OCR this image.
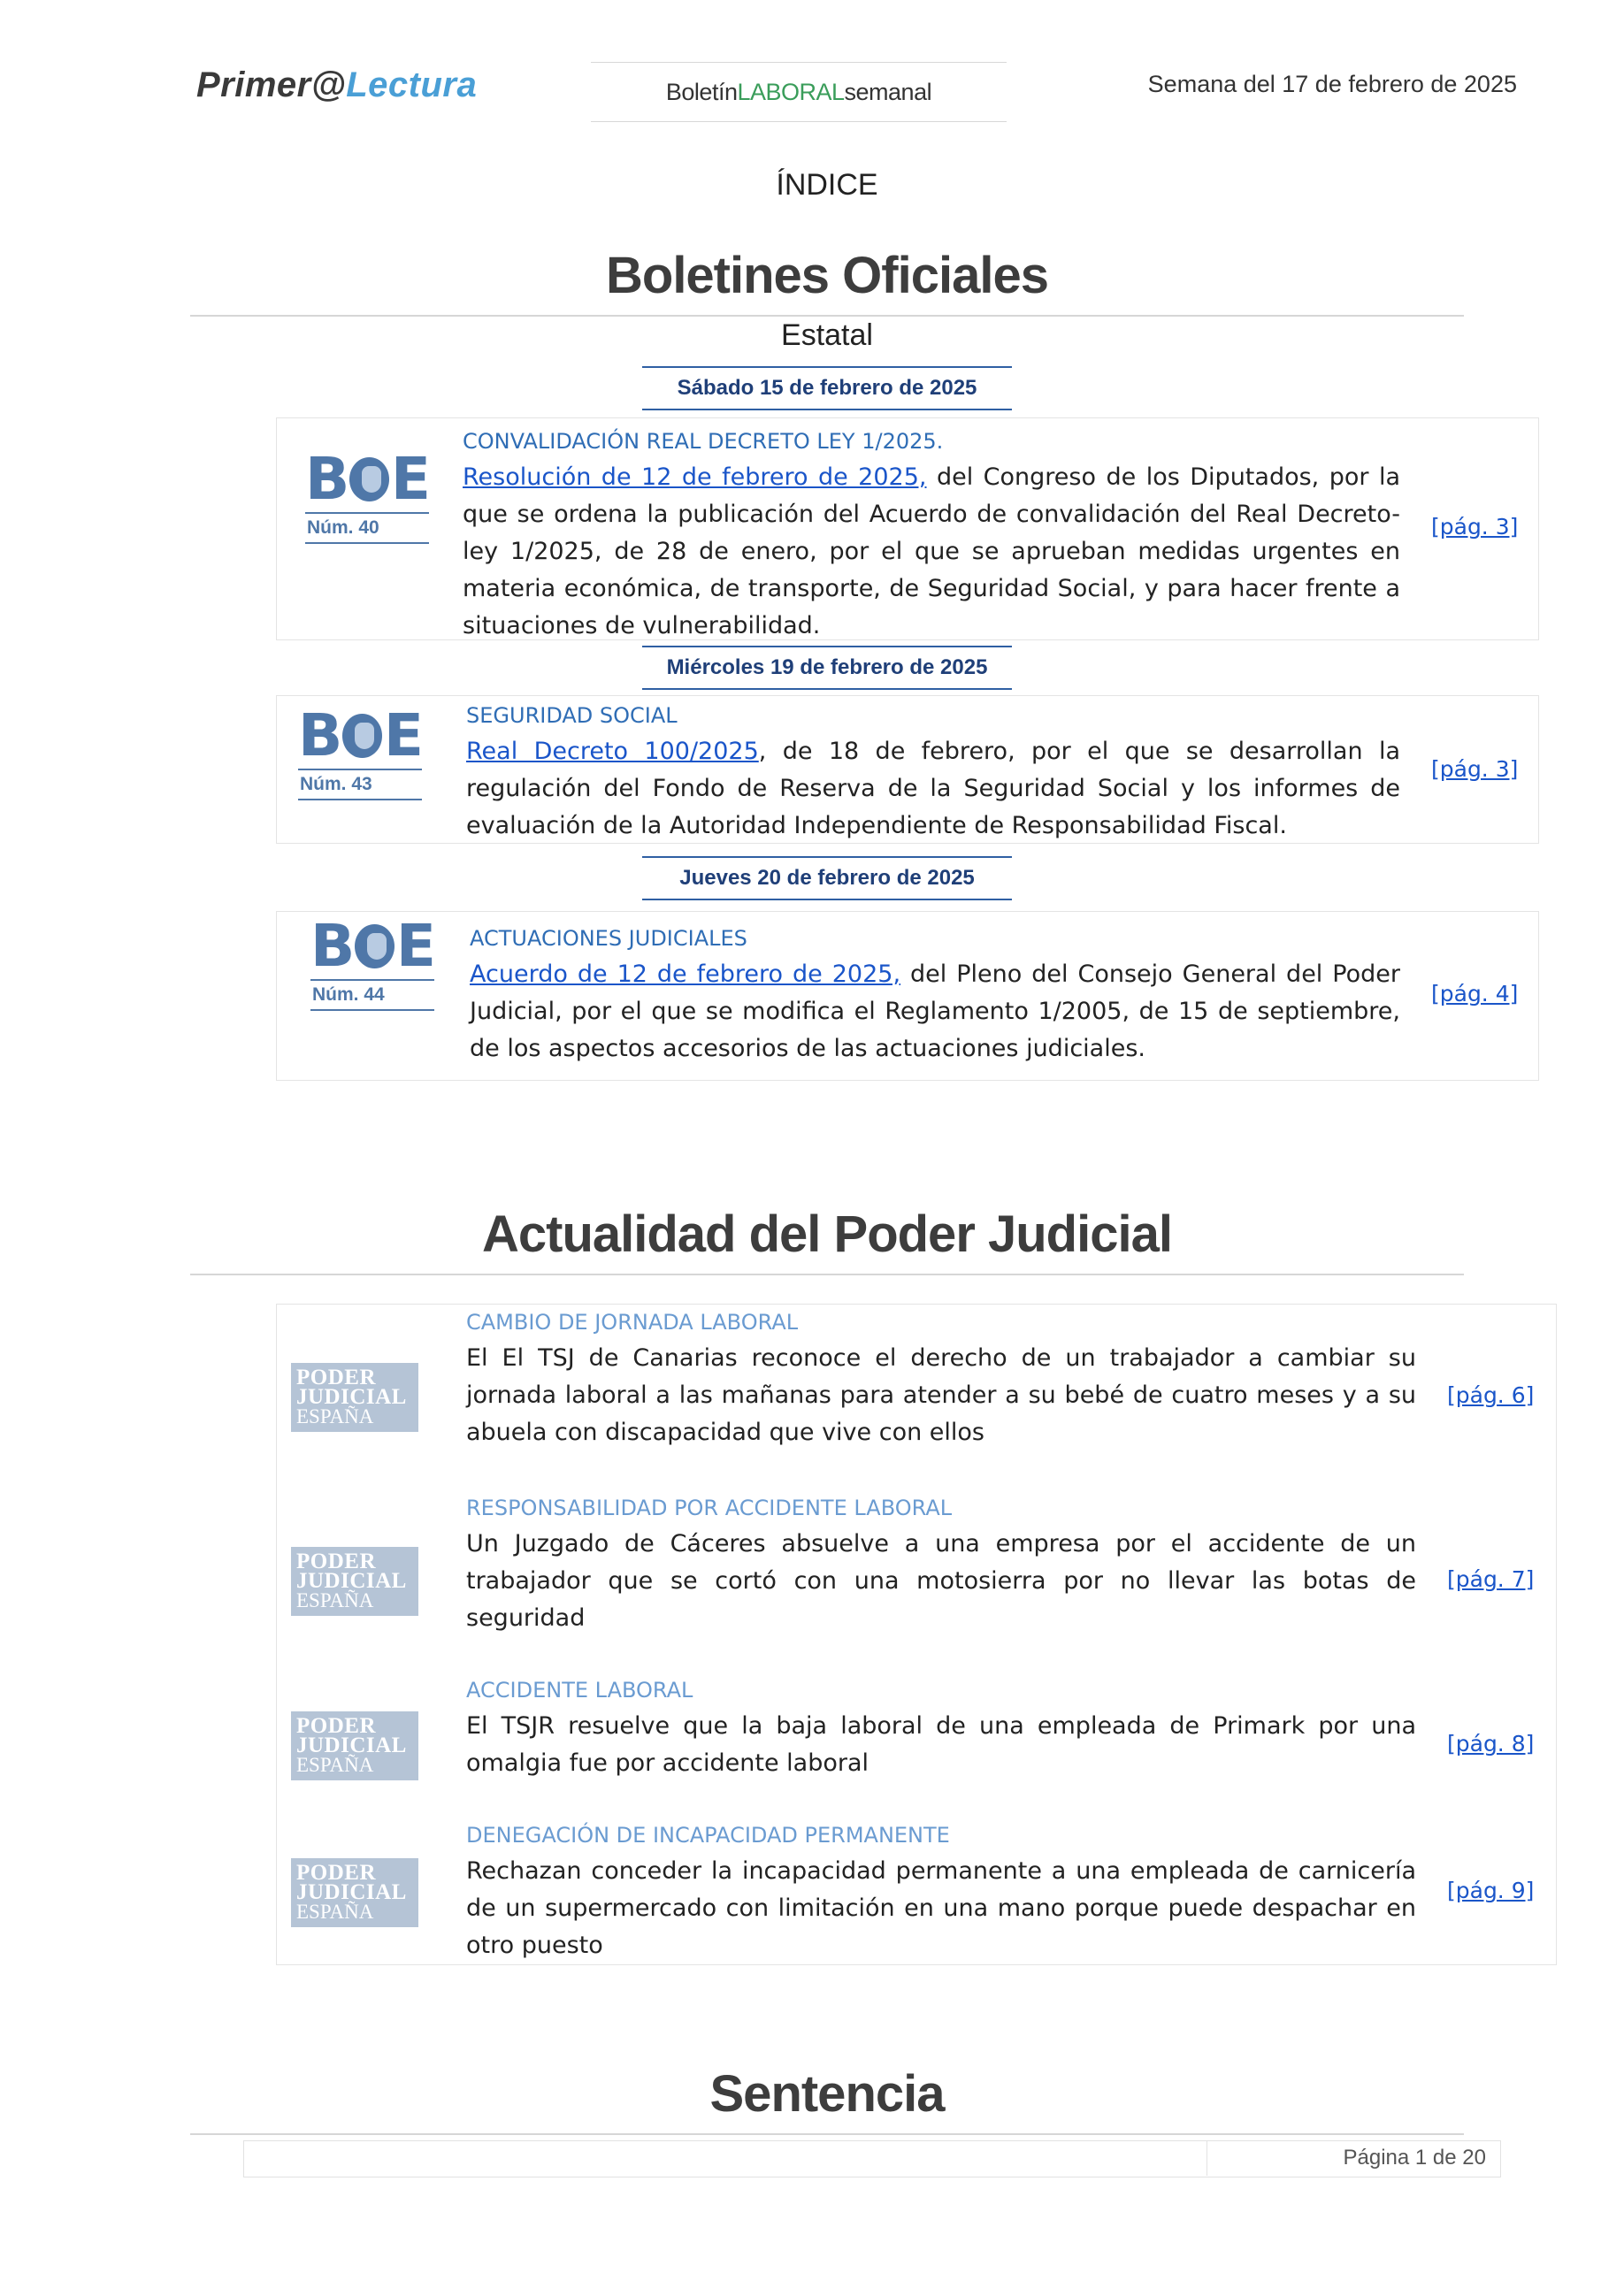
Primer@Lectura	Boletín LABORAL semanal	Semana del 17 de febrero de 2025
ÍNDICE
Boletines Oficiales
Estatal
Sábado 15 de febrero de 2025
B E
Núm. 40
CONVALIDACIÓN REAL DECRETO LEY 1/2025.
Resolución de 12 de febrero de 2025, del Congreso de los Diputados, por la que se ordena la publicación del Acuerdo de convalidación del Real Decreto-ley 1/2025, de 28 de enero, por el que se aprueban medidas urgentes en materia económica, de transporte, de Seguridad Social, y para hacer frente a situaciones de vulnerabilidad.
[pág. 3]
Miércoles 19 de febrero de 2025
B E
Núm. 43
SEGURIDAD SOCIAL
Real Decreto 100/2025, de 18 de febrero, por el que se desarrollan la regulación del Fondo de Reserva de la Seguridad Social y los informes de evaluación de la Autoridad Independiente de Responsabilidad Fiscal.
[pág. 3]
Jueves 20 de febrero de 2025
B E
Núm. 44
ACTUACIONES JUDICIALES
Acuerdo de 12 de febrero de 2025, del Pleno del Consejo General del Poder Judicial, por el que se modifica el Reglamento 1/2005, de 15 de septiembre, de los aspectos accesorios de las actuaciones judiciales.
[pág. 4]
Actualidad del Poder Judicial
PODER
JUDICIAL
ESPAÑA
CAMBIO DE JORNADA LABORAL
El El TSJ de Canarias reconoce el derecho de un trabajador a cambiar su jornada laboral a las mañanas para atender a su bebé de cuatro meses y a su abuela con discapacidad que vive con ellos
[pág. 6]
PODER
JUDICIAL
ESPAÑA
RESPONSABILIDAD POR ACCIDENTE LABORAL
Un Juzgado de Cáceres absuelve a una empresa por el accidente de un trabajador que se cortó con una motosierra por no llevar las botas de seguridad
[pág. 7]
PODER
JUDICIAL
ESPAÑA
ACCIDENTE LABORAL
El TSJR resuelve que la baja laboral de una empleada de Primark por una omalgia fue por accidente laboral
[pág. 8]
PODER
JUDICIAL
ESPAÑA
DENEGACIÓN DE INCAPACIDAD PERMANENTE
Rechazan conceder la incapacidad permanente a una empleada de carnicería de un supermercado con limitación en una mano porque puede despachar en otro puesto
[pág. 9]
Sentencia
Página 1 de 20
